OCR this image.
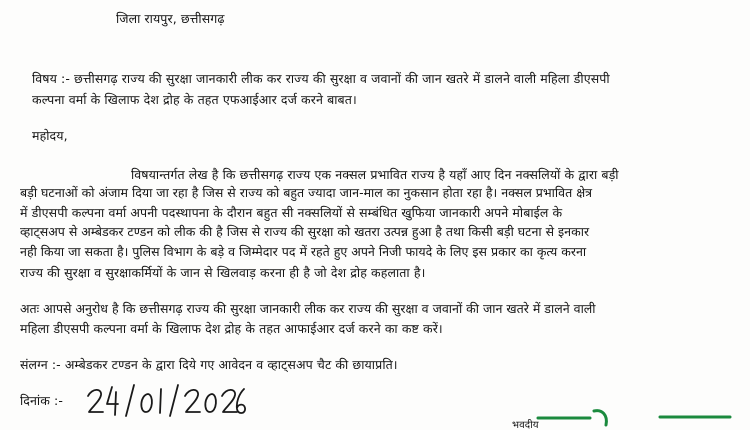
जिला रायपुर, छत्तीसगढ़
विषय :- छत्तीसगढ़ राज्य की सुरक्षा जानकारी लीक कर राज्य की सुरक्षा व जवानों की जान खतरे में डालने वाली महिला डीएसपी
कल्पना वर्मा के खिलाफ देश द्रोह के तहत एफआईआर दर्ज करने बाबत।
महोदय,
विषयान्तर्गत लेख है कि छत्तीसगढ़ राज्य एक नक्सल प्रभावित राज्य है यहाँ आए दिन नक्सलियों के द्वारा बड़ी
बड़ी घटनाओं को अंजाम दिया जा रहा है जिस से राज्य को बहुत ज्यादा जान-माल का नुकसान होता रहा है। नक्सल प्रभावित क्षेत्र
में डीएसपी कल्पना वर्मा अपनी पदस्थापना के दौरान बहुत सी नक्सलियों से सम्बंधित खुफिया जानकारी अपने मोबाईल के
व्हाट्सअप से अम्बेडकर टण्डन को लीक की है जिस से राज्य की सुरक्षा को खतरा उत्पन्न हुआ है तथा किसी बड़ी घटना से इनकार
नही किया जा सकता है। पुलिस विभाग के बड़े व जिम्मेदार पद में रहते हुए अपने निजी फायदे के लिए इस प्रकार का कृत्य करना
राज्य की सुरक्षा व सुरक्षाकर्मियों के जान से खिलवाड़ करना ही है जो देश द्रोह कहलाता है।
अतः आपसे अनुरोध है कि छत्तीसगढ़ राज्य की सुरक्षा जानकारी लीक कर राज्य की सुरक्षा व जवानों की जान खतरे में डालने वाली
महिला डीएसपी कल्पना वर्मा के खिलाफ देश द्रोह के तहत आफाईआर दर्ज करने का कष्ट करें।
संलग्न :- अम्बेडकर टण्डन के द्वारा दिये गए आवेदन व व्हाट्सअप चैट की छायाप्रति।
दिनांक :-
भवदीय
